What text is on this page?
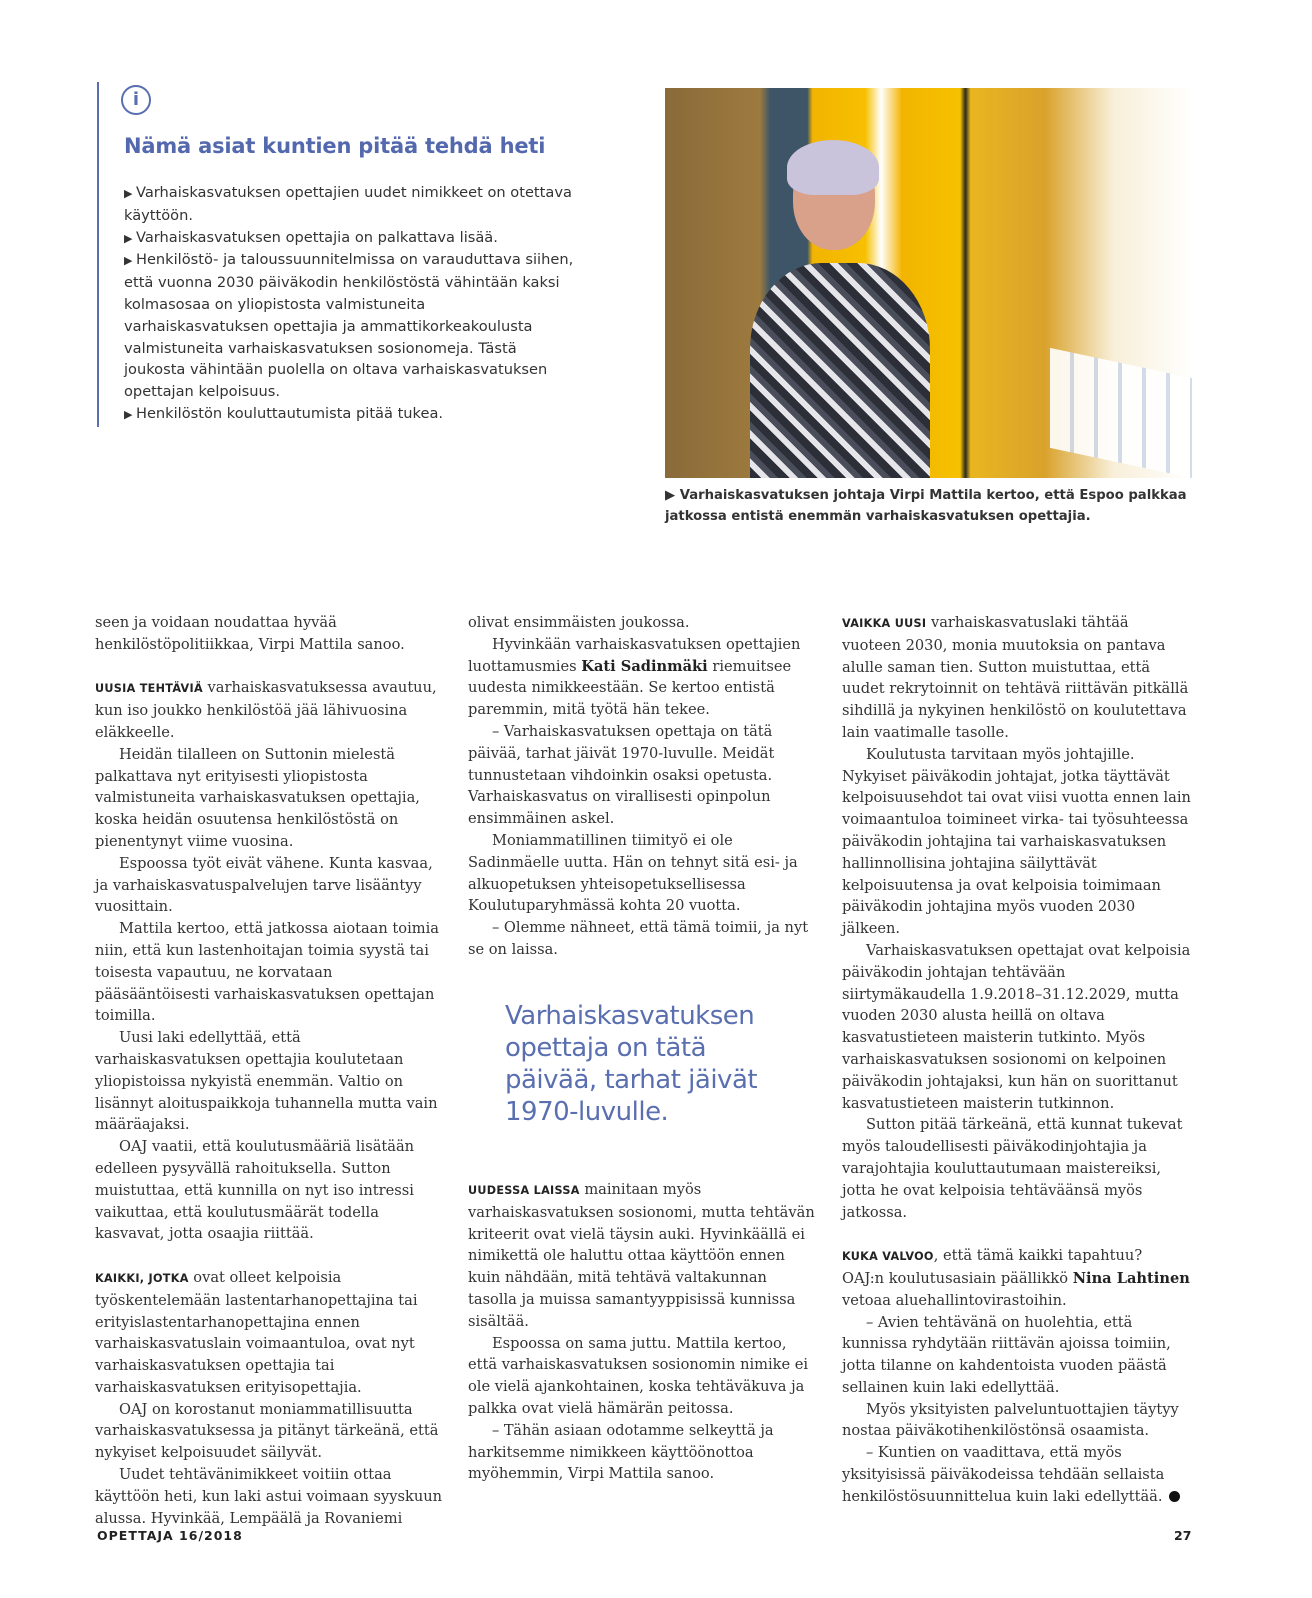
i
Nämä asiat kuntien pitää tehdä heti
▶ Varhaiskasvatuksen opettajien uudet nimikkeet on otettava käyttöön.
▶ Varhaiskasvatuksen opettajia on palkattava lisää.
▶ Henkilöstö- ja taloussuunnitelmissa on varauduttava siihen, että vuonna 2030 päiväkodin henkilöstöstä vähintään kaksi kolmasosaa on yliopistosta valmistuneita varhaiskasvatuksen opettajia ja ammattikorkeakoulusta valmistuneita varhaiskasvatuksen sosionomeja. Tästä joukosta vähintään puolella on oltava varhaiskasvatuksen opettajan kelpoisuus.
▶ Henkilöstön kouluttautumista pitää tukea.
▶ Varhaiskasvatuksen johtaja Virpi Mattila kertoo, että Espoo palkkaa jatkossa entistä enemmän varhaiskasvatuksen opettajia.

seen ja voidaan noudattaa hyvää henkilöstöpolitiikkaa, Virpi Mattila sanoo.

UUSIA TEHTÄVIÄ varhaiskasvatuksessa avautuu, kun iso joukko henkilöstöä jää lähivuosina eläkkeelle.

Heidän tilalleen on Suttonin mielestä palkattava nyt erityisesti yliopistosta valmistuneita varhaiskasvatuksen opettajia, koska heidän osuutensa henkilöstöstä on pienentynyt viime vuosina.

Espoossa työt eivät vähene. Kunta kasvaa, ja varhaiskasvatuspalvelujen tarve lisääntyy vuosittain.

Mattila kertoo, että jatkossa aiotaan toimia niin, että kun lastenhoitajan toimia syystä tai toisesta vapautuu, ne korvataan pääsääntöisesti varhaiskasvatuksen opettajan toimilla.

Uusi laki edellyttää, että varhaiskasvatuksen opettajia koulutetaan yliopistoissa nykyistä enemmän. Valtio on lisännyt aloituspaikkoja tuhannella mutta vain määräajaksi.

OAJ vaatii, että koulutusmääriä lisätään edelleen pysyvällä rahoituksella. Sutton muistuttaa, että kunnilla on nyt iso intressi vaikuttaa, että koulutusmäärät todella kasvavat, jotta osaajia riittää.

KAIKKI, JOTKA ovat olleet kelpoisia työskentelemään lastentarhanopettajina tai erityislastentarhanopettajina ennen varhaiskasvatuslain voimaantuloa, ovat nyt varhaiskasvatuksen opettajia tai varhaiskasvatuksen erityisopettajia.

OAJ on korostanut moniammatillisuutta varhaiskasvatuksessa ja pitänyt tärkeänä, että nykyiset kelpoisuudet säilyvät.

Uudet tehtävänimikkeet voitiin ottaa käyttöön heti, kun laki astui voimaan syyskuun alussa. Hyvinkää, Lempäälä ja Rovaniemi

olivat ensimmäisten joukossa.

Hyvinkään varhaiskasvatuksen opettajien luottamusmies Kati Sadinmäki riemuitsee uudesta nimikkeestään. Se kertoo entistä paremmin, mitä työtä hän tekee.

– Varhaiskasvatuksen opettaja on tätä päivää, tarhat jäivät 1970-luvulle. Meidät tunnustetaan vihdoinkin osaksi opetusta. Varhaiskasvatus on virallisesti opinpolun ensimmäinen askel.

Moniammatillinen tiimityö ei ole Sadinmäelle uutta. Hän on tehnyt sitä esi- ja alkuopetuksen yhteisopetuksellisessa Koulutuparyhmässä kohta 20 vuotta.

– Olemme nähneet, että tämä toimii, ja nyt se on laissa.

Varhaiskasvatuksen opettaja on tätä päivää, tarhat jäivät 1970-luvulle.

UUDESSA LAISSA mainitaan myös varhaiskasvatuksen sosionomi, mutta tehtävän kriteerit ovat vielä täysin auki. Hyvinkäällä ei nimikettä ole haluttu ottaa käyttöön ennen kuin nähdään, mitä tehtävä valtakunnan tasolla ja muissa samantyyppisissä kunnissa sisältää.

Espoossa on sama juttu. Mattila kertoo, että varhaiskasvatuksen sosionomin nimike ei ole vielä ajankohtainen, koska tehtäväkuva ja palkka ovat vielä hämärän peitossa.

– Tähän asiaan odotamme selkeyttä ja harkitsemme nimikkeen käyttöönottoa myöhemmin, Virpi Mattila sanoo.

VAIKKA UUSI varhaiskasvatuslaki tähtää vuoteen 2030, monia muutoksia on pantava alulle saman tien. Sutton muistuttaa, että uudet rekrytoinnit on tehtävä riittävän pitkällä sihdillä ja nykyinen henkilöstö on koulutettava lain vaatimalle tasolle.

Koulutusta tarvitaan myös johtajille. Nykyiset päiväkodin johtajat, jotka täyttävät kelpoisuusehdot tai ovat viisi vuotta ennen lain voimaantuloa toimineet virka- tai työsuhteessa päiväkodin johtajina tai varhaiskasvatuksen hallinnollisina johtajina säilyttävät kelpoisuutensa ja ovat kelpoisia toimimaan päiväkodin johtajina myös vuoden 2030 jälkeen.

Varhaiskasvatuksen opettajat ovat kelpoisia päiväkodin johtajan tehtävään siirtymäkaudella 1.9.2018–31.12.2029, mutta vuoden 2030 alusta heillä on oltava kasvatustieteen maisterin tutkinto. Myös varhaiskasvatuksen sosionomi on kelpoinen päiväkodin johtajaksi, kun hän on suorittanut kasvatustieteen maisterin tutkinnon.

Sutton pitää tärkeänä, että kunnat tukevat myös taloudellisesti päiväkodinjohtajia ja varajohtajia kouluttautumaan maistereiksi, jotta he ovat kelpoisia tehtäväänsä myös jatkossa.

KUKA VALVOO, että tämä kaikki tapahtuu?

OAJ:n koulutusasiain päällikkö Nina Lahtinen vetoaa aluehallintovirastoihin.

– Avien tehtävänä on huolehtia, että kunnissa ryhdytään riittävän ajoissa toimiin, jotta tilanne on kahdentoista vuoden päästä sellainen kuin laki edellyttää.

Myös yksityisten palveluntuottajien täytyy nostaa päiväkotihenkilöstönsä osaamista.

– Kuntien on vaadittava, että myös yksityisissä päiväkodeissa tehdään sellaista henkilöstösuunnittelua kuin laki edellyttää.

OPETTAJA 16/2018	27
